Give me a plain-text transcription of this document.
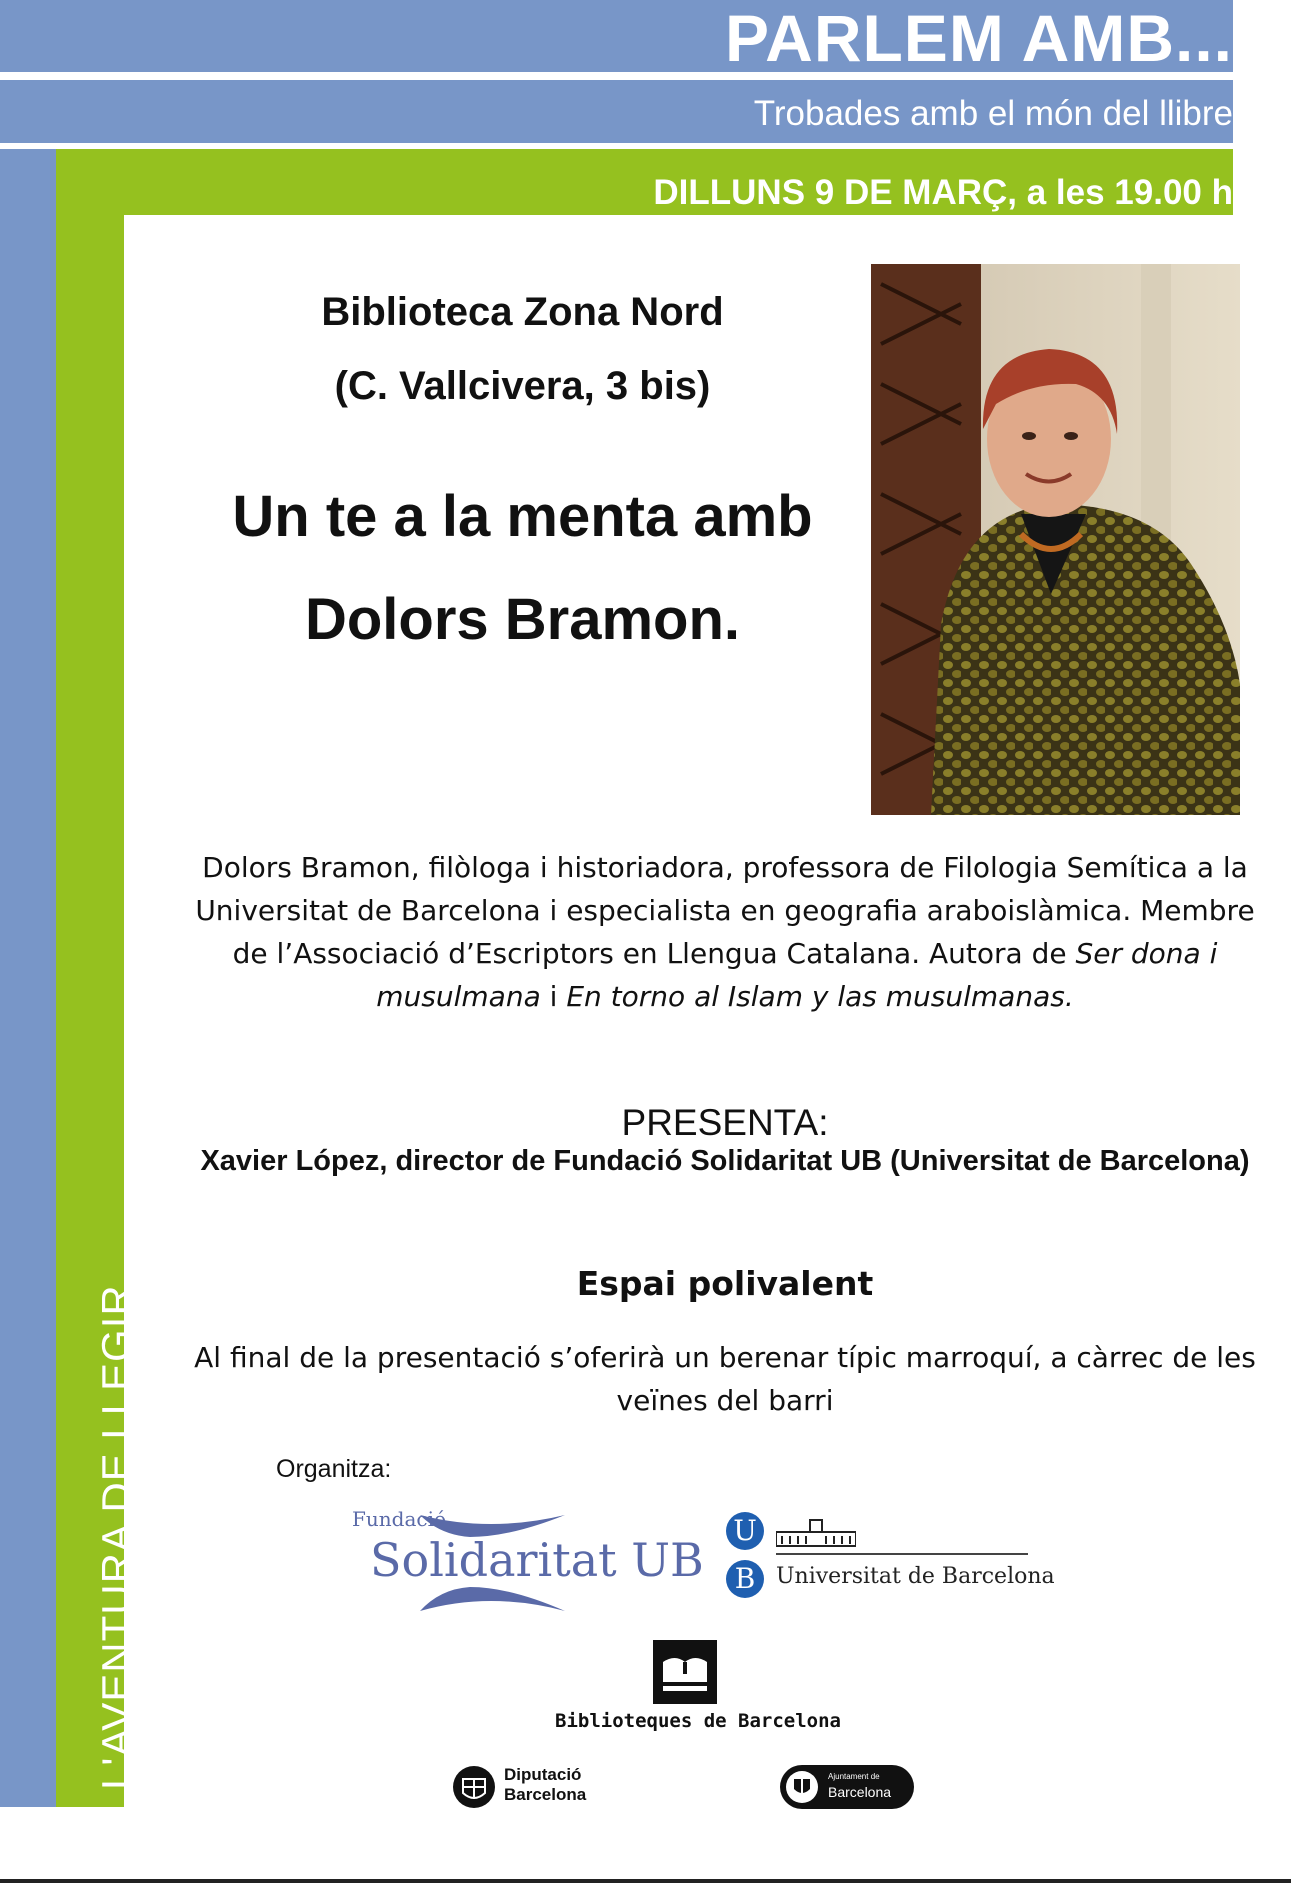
PARLEM AMB...
Trobades amb el món del llibre
DILLUNS 9 DE MARÇ, a les 19.00 h
L'AVENTURA DE LLEGIR
Biblioteca Zona Nord
(C. Vallcivera, 3 bis)
Un te a la menta amb
Dolors Bramon.
Dolors Bramon, filòloga i historiadora, professora de Filologia Semítica a la Universitat de Barcelona i especialista en geografia araboislàmica. Membre de l’Associació d’Escriptors en Llengua Catalana. Autora de Ser dona i musulmana i En torno al Islam y las musulmanas.
PRESENTA:
Xavier López, director de Fundació Solidaritat UB (Universitat de Barcelona)
Espai polivalent
Al final de la presentació s’oferirà un berenar típic marroquí, a càrrec de les veïnes del barri
Organitza:
Fundació
Solidaritat UB
U
B Universitat de Barcelona
Biblioteques de Barcelona
Diputació
Barcelona
Ajuntament de
Barcelona
